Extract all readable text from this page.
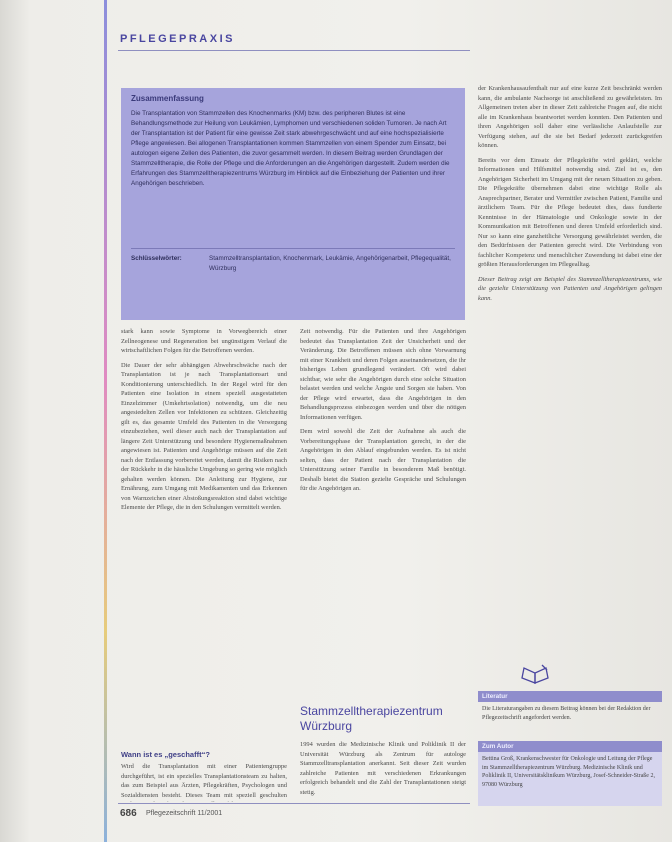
PFLEGEPRAXIS
Zusammenfassung

Die Transplantation von Stammzellen des Knochenmarks (KM) bzw. des peripheren Blutes ist eine Behandlungsmethode zur Heilung von Leukämien, Lymphomen und verschiedenen soliden Tumoren. Je nach Art der Transplantation ist der Patient für eine gewisse Zeit stark abwehrgeschwächt und auf eine hochspezialisierte Pflege angewiesen. Bei allogenen Transplantationen kommen Stammzellen von einem Spender zum Einsatz, bei autologen eigene Zellen des Patienten, die zuvor gesammelt werden. In diesem Beitrag werden Grundlagen der Stammzelltherapie, die Rolle der Pflege und die Anforderungen an die Angehörigen dargestellt. Zudem werden die Erfahrungen des Stammzelltherapiezentrums Würzburg im Hinblick auf die Einbeziehung der Patienten und ihrer Angehörigen beschrieben.

Schlüsselwörter:	Stammzelltransplantation, Knochenmark, Leukämie, Angehörigenarbeit, Pflegequalität, Würzburg

stark kann sowie Symptome in Vorwegbereich einer Zellneogenese und Regeneration bei ungünstigem Verlauf die wirtschaftlichen Folgen für die Betroffenen werden.

Die Dauer der sehr abhängigen Abwehrschwäche nach der Transplantation ist je nach Transplantationsart und Konditionierung unterschiedlich. In der Regel wird für den Patienten eine Isolation in einem speziell ausgestatteten Einzelzimmer (Umkehrisolation) notwendig, um die neu angesiedelten Zellen vor Infektionen zu schützen. Gleichzeitig gilt es, das gesamte Umfeld des Patienten in die Versorgung einzubeziehen, weil dieser auch nach der Transplantation auf längere Zeit Unterstützung und besondere Hygienemaßnahmen angewiesen ist. Patienten und Angehörige müssen auf die Zeit nach der Entlassung vorbereitet werden, damit die Risiken nach der Rückkehr in die häusliche Umgebung so gering wie möglich gehalten werden können. Die Anleitung zur Hygiene, zur Ernährung, zum Umgang mit Medikamenten und das Erkennen von Warnzeichen einer Abstoßungsreaktion sind dabei wichtige Elemente der Pflege, die in den Schulungen vermittelt werden.

Wann ist es „geschafft“?
Wird die Transplantation mit einer Patientengruppe durchgeführt, ist ein spezielles Transplantationsteam zu halten, das zum Beispiel aus Ärzten, Pflegekräften, Psychologen und Sozialdiensten besteht. Dieses Team mit speziell geschulten

Zeit notwendig. Für die Patienten und ihre Angehörigen bedeutet das Transplantation Zeit der Unsicherheit und der Veränderung. Die Betroffenen müssen sich ohne Vorwarnung mit einer Krankheit und deren Folgen auseinandersetzen, die ihr bisheriges Leben grundlegend verändert. Oft wird dabei sichtbar, wie sehr die Angehörigen durch eine solche Situation belastet werden und welche Ängste und Sorgen sie haben. Von der Pflege wird erwartet, dass die Angehörigen in den Behandlungsprozess einbezogen werden und über die nötigen Informationen verfügen.

Dem wird sowohl die Zeit der Aufnahme als auch die Vorbereitungsphase der Transplantation gerecht, in der die Angehörigen in den Ablauf eingebunden werden. Es ist nicht selten, dass der Patient nach der Transplantation die Unterstützung seiner Familie in besonderem Maß benötigt. Deshalb bietet die Station gezielte Gespräche und Schulungen für die Angehörigen an.

Stammzelltherapiezentrum Würzburg
1994 wurden die Medizinische Klinik und Poliklinik II der Universität Würzburg als Zentrum für autologe Stammzelltransplantation anerkannt. Seit dieser Zeit wurden zahlreiche Patienten mit verschiedenen Erkrankungen erfolgreich behandelt und die Zahl der Transplantationen steigt stetig.

der Krankenhausaufenthalt nur auf eine kurze Zeit beschränkt werden kann, die ambulante Nachsorge ist anschließend zu gewährleisten. Im Allgemeinen treten aber in dieser Zeit zahlreiche Fragen auf, die nicht alle im Krankenhaus beantwortet werden konnten. Den Patienten und ihren Angehörigen soll daher eine verlässliche Anlaufstelle zur Verfügung stehen, auf die sie bei Bedarf jederzeit zurückgreifen können.

Bereits vor dem Einsatz der Pflegekräfte wird geklärt, welche Informationen und Hilfsmittel notwendig sind. Ziel ist es, den Angehörigen Sicherheit im Umgang mit der neuen Situation zu geben. Die Pflegekräfte übernehmen dabei eine wichtige Rolle als Ansprechpartner, Berater und Vermittler zwischen Patient, Familie und ärztlichem Team. Für die Pflege bedeutet dies, dass fundierte Kenntnisse in der Hämatologie und Onkologie sowie in der Kommunikation mit Betroffenen und deren Umfeld erforderlich sind. Nur so kann eine ganzheitliche Versorgung gewährleistet werden, die den Bedürfnissen der Patienten gerecht wird. Die Verbindung von fachlicher Kompetenz und menschlicher Zuwendung ist dabei eine der größten Herausforderungen im Pflegealltag.

Dieser Beitrag zeigt am Beispiel des Stammzelltherapiezentrums, wie die gezielte Unterstützung von Patienten und Angehörigen gelingen kann.

Literatur
Die Literaturangaben zu diesem Beitrag können bei der Redaktion der Pflegezeitschrift angefordert werden.
Zum Autor
Bettina Groß, Krankenschwester für Onkologie und Leitung der Pflege im Stammzelltherapiezentrum Würzburg. Medizinische Klinik und Poliklinik II, Universitätsklinikum Würzburg, Josef-Schneider-Straße 2, 97080 Würzburg
686 Pflegezeitschrift 11/2001
